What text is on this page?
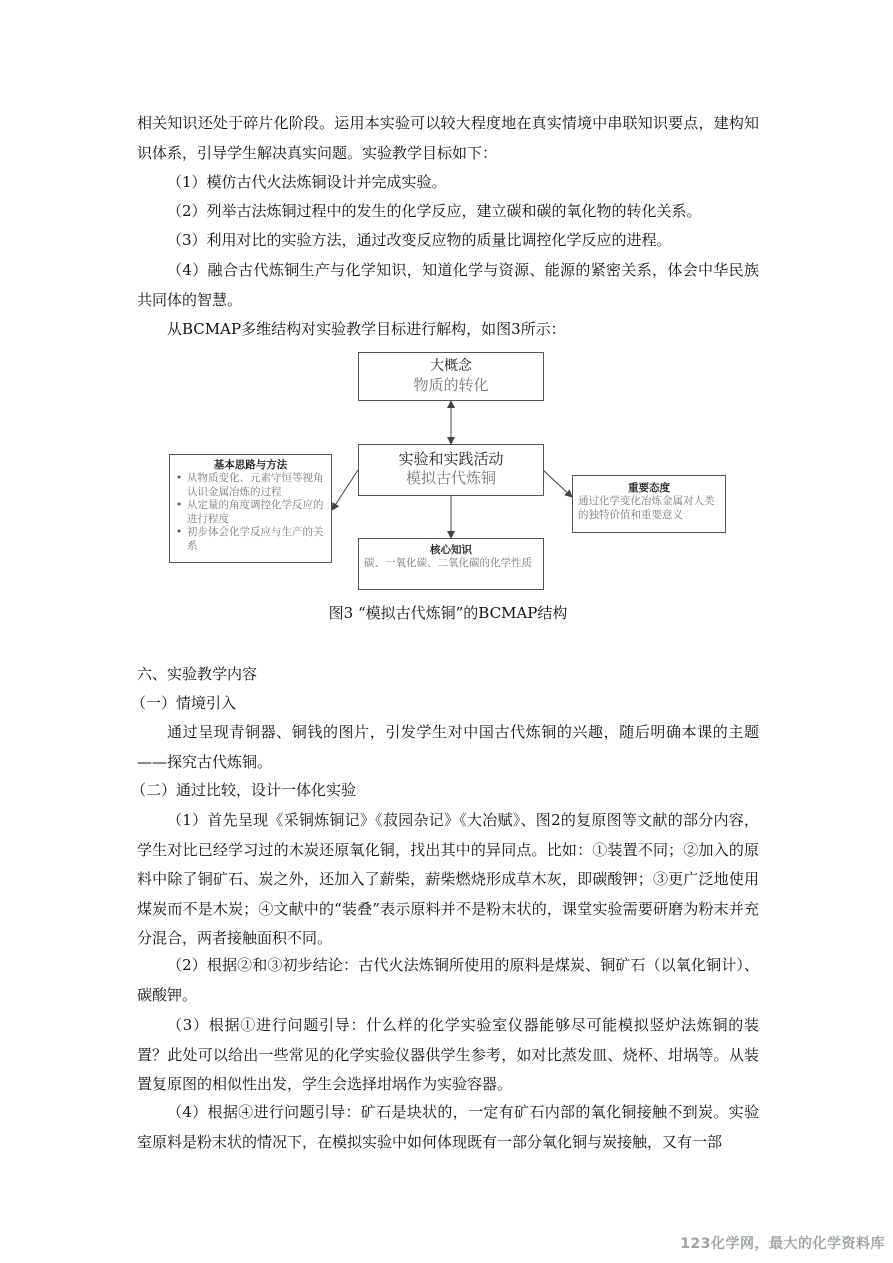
相关知识还处于碎片化阶段。运用本实验可以较大程度地在真实情境中串联知识要点，建构知识体系，引导学生解决真实问题。实验教学目标如下：

（1）模仿古代火法炼铜设计并完成实验。

（2）列举古法炼铜过程中的发生的化学反应，建立碳和碳的氧化物的转化关系。

（3）利用对比的实验方法，通过改变反应物的质量比调控化学反应的进程。

（4）融合古代炼铜生产与化学知识，知道化学与资源、能源的紧密关系，体会中华民族共同体的智慧。

从BCMAP多维结构对实验教学目标进行解构，如图3所示：

大概念
物质的转化
实验和实践活动
模拟古代炼铜
基本思路与方法
• 从物质变化、元素守恒等视角认识金属冶炼的过程
• 从定量的角度调控化学反应的进行程度
• 初步体会化学反应与生产的关系
重要态度
通过化学变化冶炼金属对人类的独特价值和重要意义
核心知识
碳、一氧化碳、二氧化碳的化学性质
图3 “模拟古代炼铜”的BCMAP结构

六、实验教学内容

（一）情境引入

通过呈现青铜器、铜钱的图片，引发学生对中国古代炼铜的兴趣，随后明确本课的主题——探究古代炼铜。

（二）通过比较，设计一体化实验

（1）首先呈现《采铜炼铜记》《菽园杂记》《大冶赋》、图2的复原图等文献的部分内容，学生对比已经学习过的木炭还原氧化铜，找出其中的异同点。比如：①装置不同；②加入的原料中除了铜矿石、炭之外，还加入了薪柴，薪柴燃烧形成草木灰，即碳酸钾；③更广泛地使用煤炭而不是木炭；④文献中的“装叠”表示原料并不是粉末状的，课堂实验需要研磨为粉末并充分混合，两者接触面积不同。

（2）根据②和③初步结论：古代火法炼铜所使用的原料是煤炭、铜矿石（以氧化铜计）、碳酸钾。

（3）根据①进行问题引导：什么样的化学实验室仪器能够尽可能模拟竖炉法炼铜的装置？此处可以给出一些常见的化学实验仪器供学生参考，如对比蒸发皿、烧杯、坩埚等。从装置复原图的相似性出发，学生会选择坩埚作为实验容器。

（4）根据④进行问题引导：矿石是块状的，一定有矿石内部的氧化铜接触不到炭。实验室原料是粉末状的情况下，在模拟实验中如何体现既有一部分氧化铜与炭接触，又有一部

123化学网，最大的化学资料库
